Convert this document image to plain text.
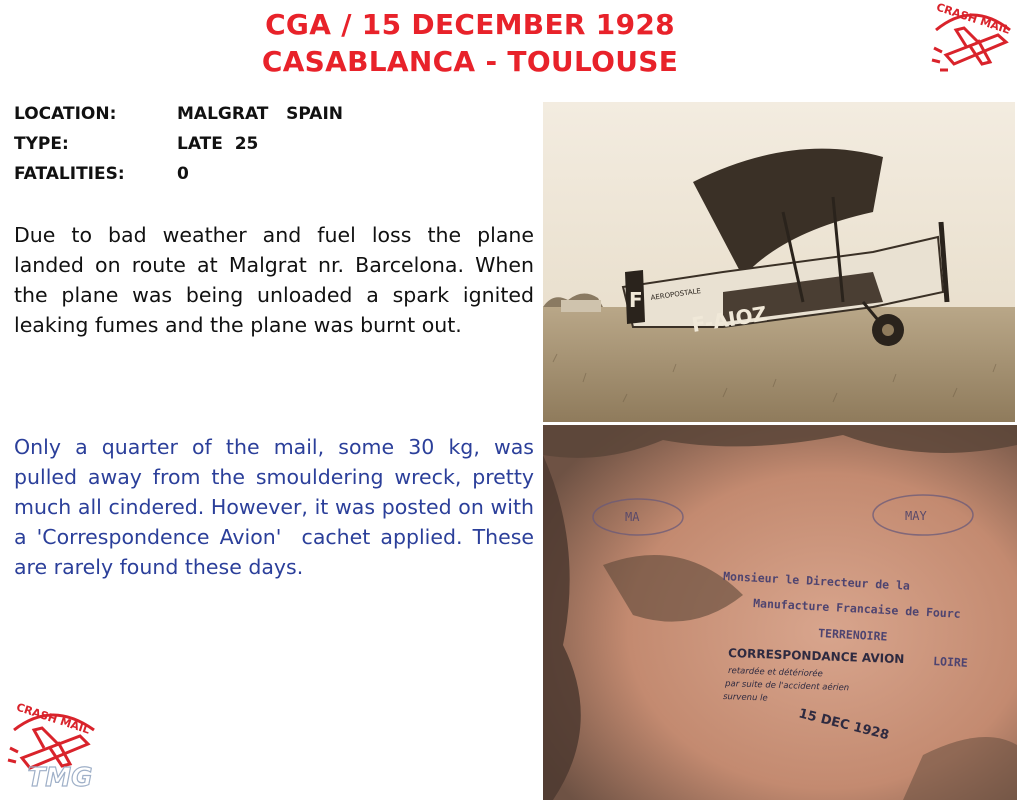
CGA / 15 DECEMBER 1928
CASABLANCA - TOULOUSE
CRASH MAIL
LOCATION:	MALGRAT   SPAIN
TYPE:	LATE  25
FATALITIES:	0
Due to bad weather and fuel loss the plane landed on route at Malgrat nr. Barcelona. When the plane was being unloaded a spark ignited leaking fumes and the plane was burnt out.
Only a quarter of the mail, some 30 kg, was pulled away from the smouldering wreck, pretty much all cindered. However, it was posted on with a 'Correspondence Avion'  cachet applied. These are rarely found these days.
F AEROPOSTALE
F-AIOZ
MA	MAY
Monsieur le Directeur de la
Manufacture Francaise de Fourc
TERRENOIRE
LOIRE
CORRESPONDANCE AVION
retardée et détériorée
par suite de l'accident aérien
survenu le
15 DEC 1928
CRASH MAIL
TMG
